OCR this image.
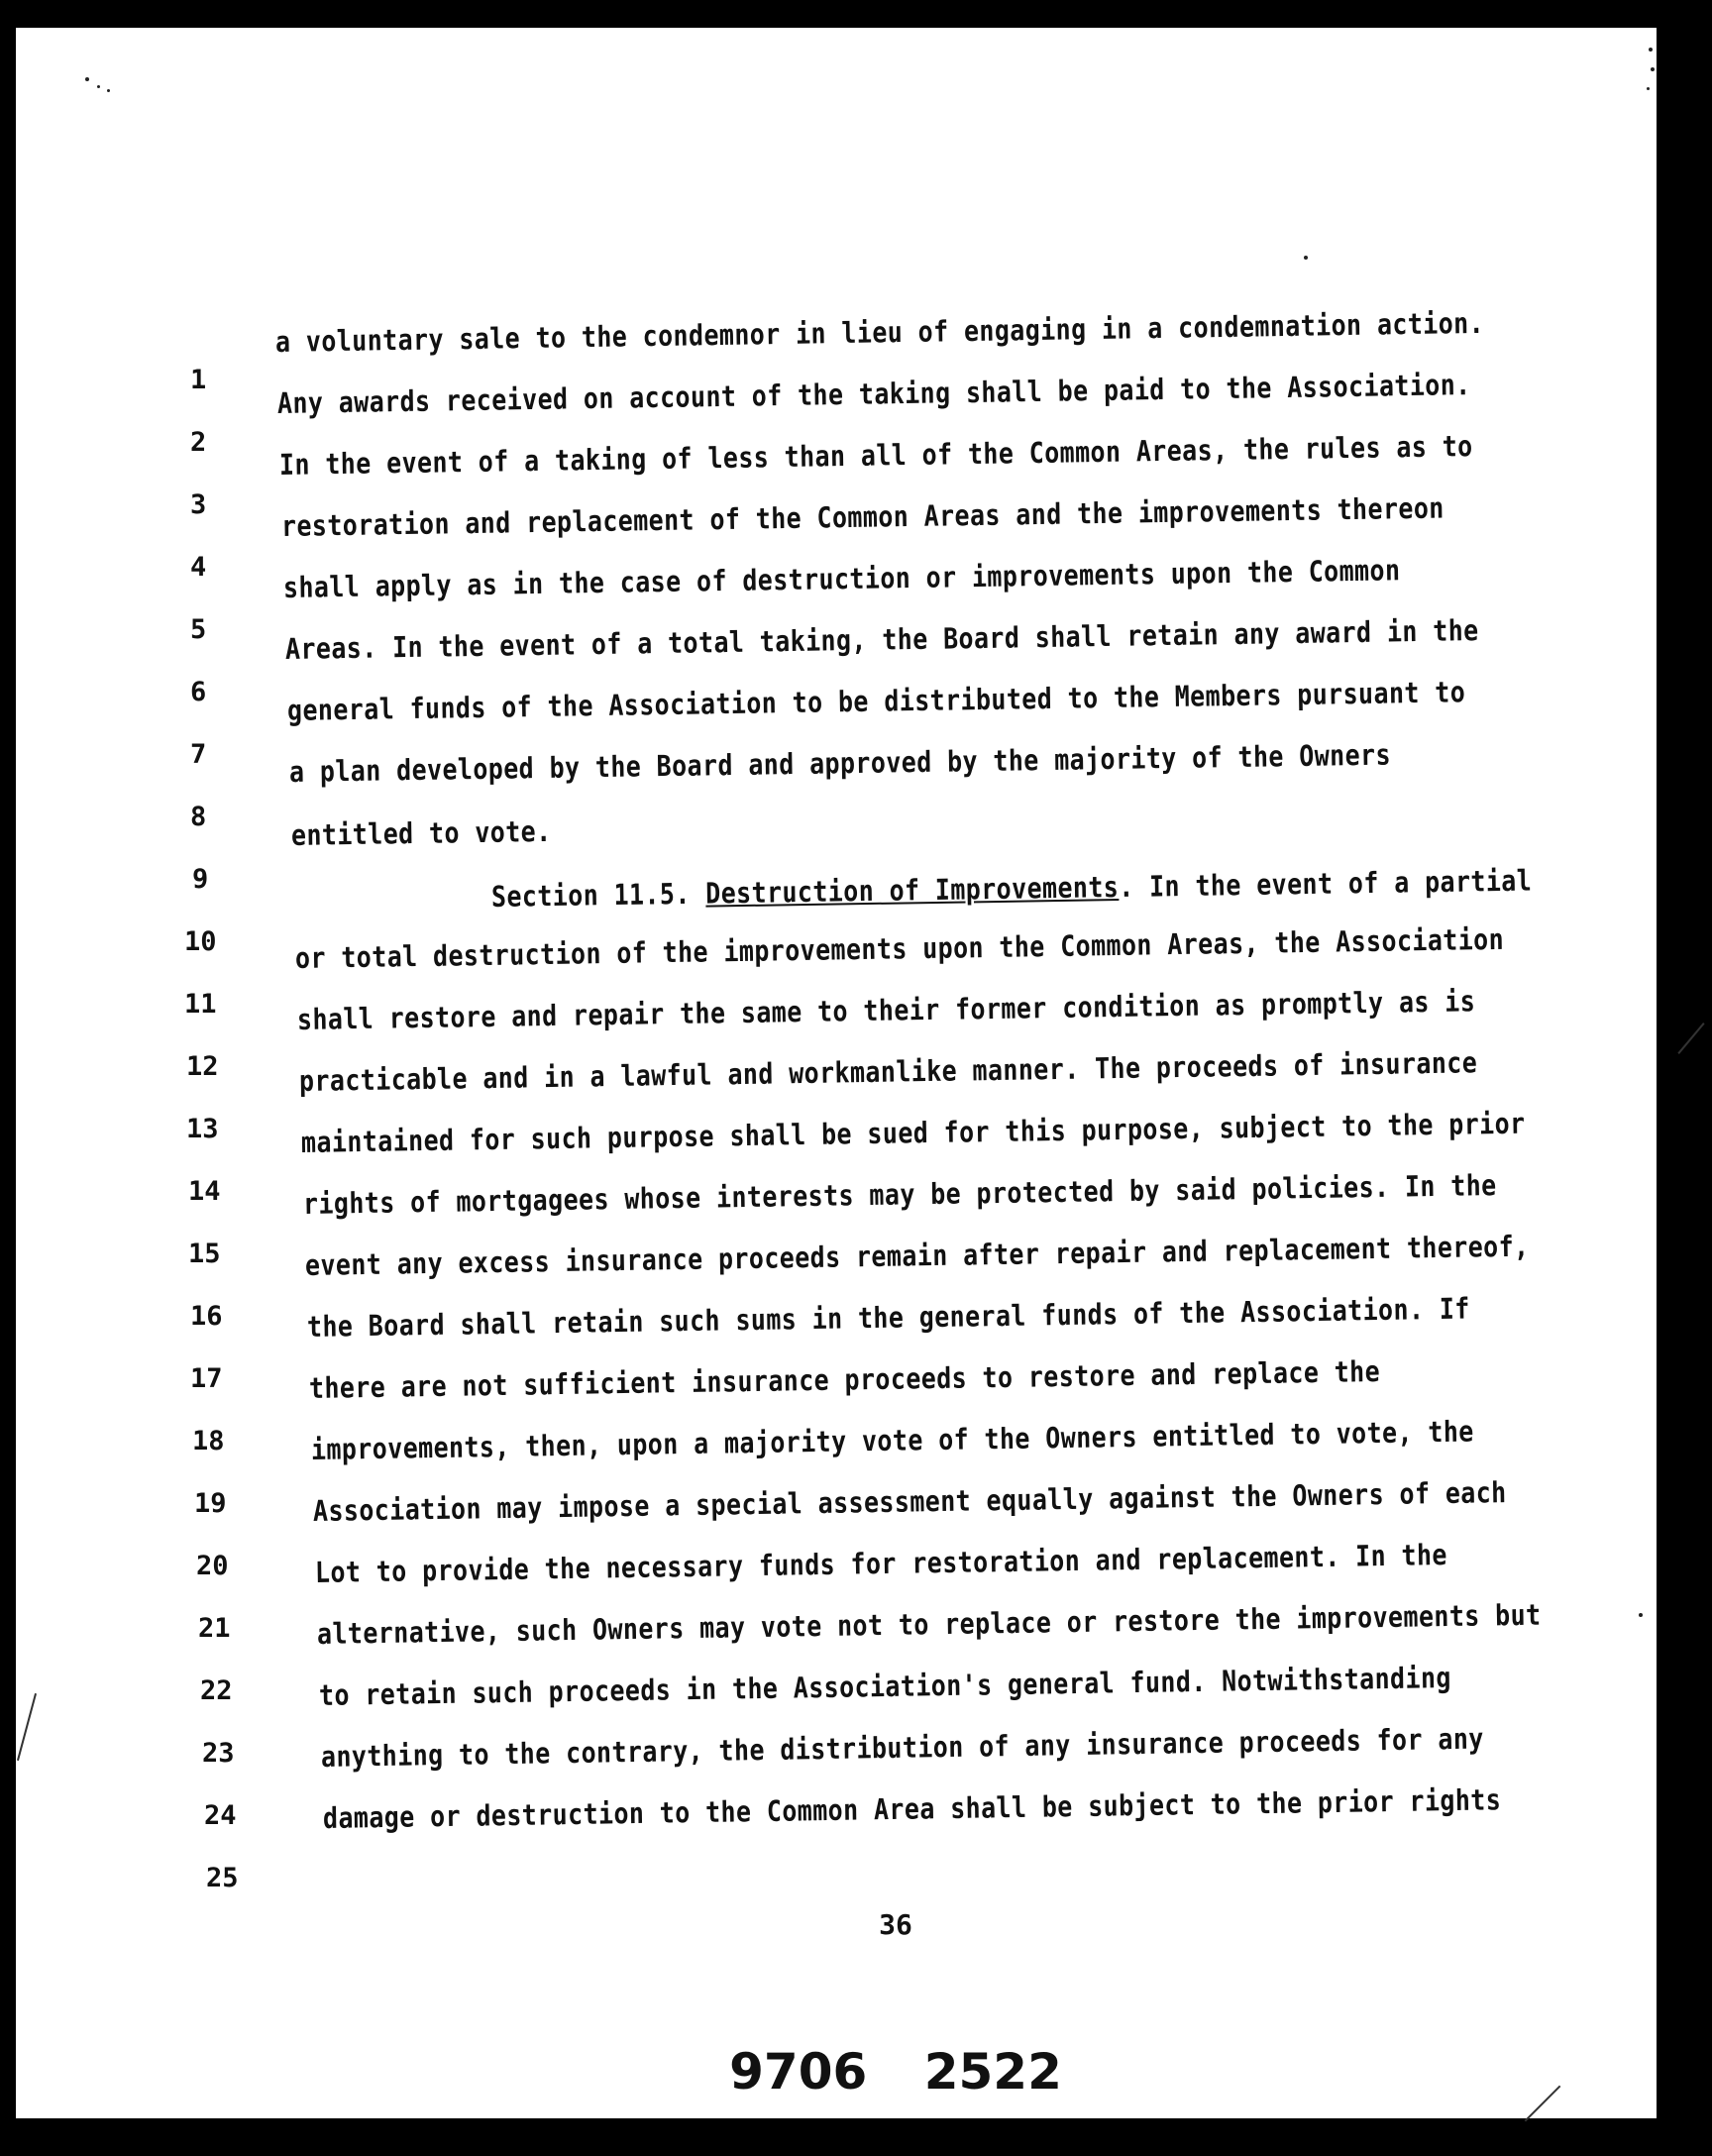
1
2
3
4
5
6
7
8
9
10
11
12
13
14
15
16
17
18
19
20
21
22
23
24
25
a voluntary sale to the condemnor in lieu of engaging in a condemnation action.
Any awards received on account of the taking shall be paid to the Association.
In the event of a taking of less than all of the Common Areas, the rules as to
restoration and replacement of the Common Areas and the improvements thereon
shall apply as in the case of destruction or improvements upon the Common
Areas. In the event of a total taking, the Board shall retain any award in the
general funds of the Association to be distributed to the Members pursuant to
a plan developed by the Board and approved by the majority of the Owners
entitled to vote.
Section 11.5. Destruction of Improvements. In the event of a partial
or total destruction of the improvements upon the Common Areas, the Association
shall restore and repair the same to their former condition as promptly as is
practicable and in a lawful and workmanlike manner. The proceeds of insurance
maintained for such purpose shall be sued for this purpose, subject to the prior
rights of mortgagees whose interests may be protected by said policies. In the
event any excess insurance proceeds remain after repair and replacement thereof,
the Board shall retain such sums in the general funds of the Association. If
there are not sufficient insurance proceeds to restore and replace the
improvements, then, upon a majority vote of the Owners entitled to vote, the
Association may impose a special assessment equally against the Owners of each
Lot to provide the necessary funds for restoration and replacement. In the
alternative, such Owners may vote not to replace or restore the improvements but
to retain such proceeds in the Association's general fund. Notwithstanding
anything to the contrary, the distribution of any insurance proceeds for any
damage or destruction to the Common Area shall be subject to the prior rights
36
9706 2522
